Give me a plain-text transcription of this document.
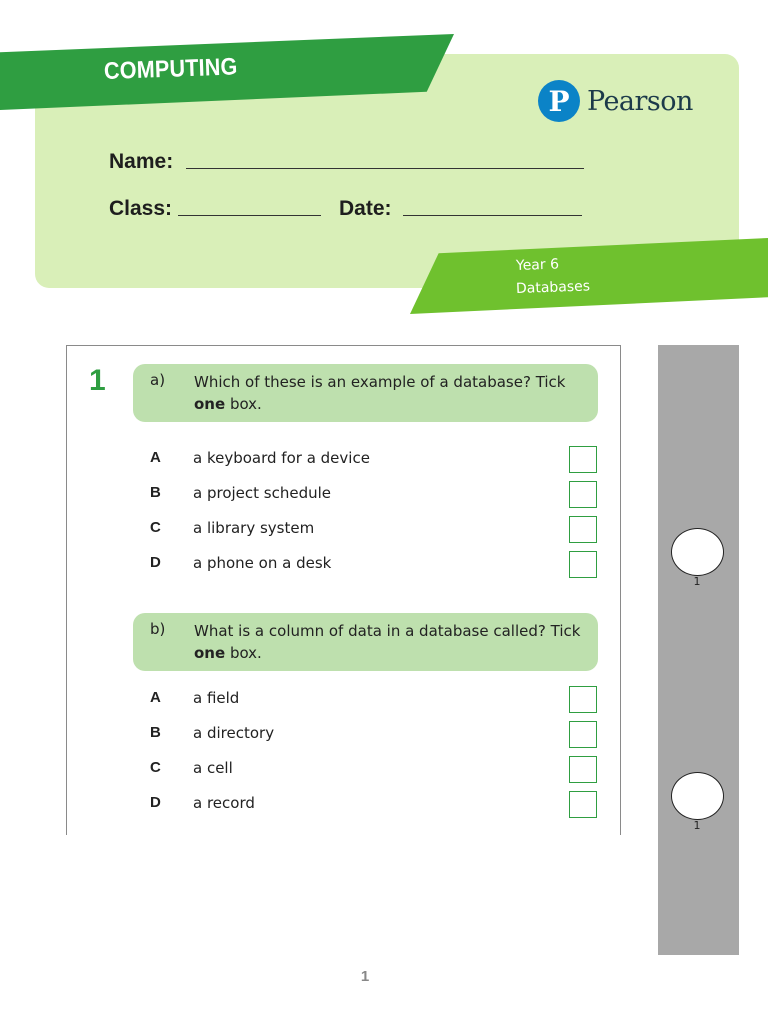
COMPUTING
P Pearson
Name:
Class:	Date:
Year 6
Databases
1	a) Which of these is an example of a database? Tick one box.
A a keyboard for a device
B a project schedule
C a library system
D a phone on a desk
b) What is a column of data in a database called? Tick one box.
A a field
B a directory
C a cell
D a record
1
1
1
